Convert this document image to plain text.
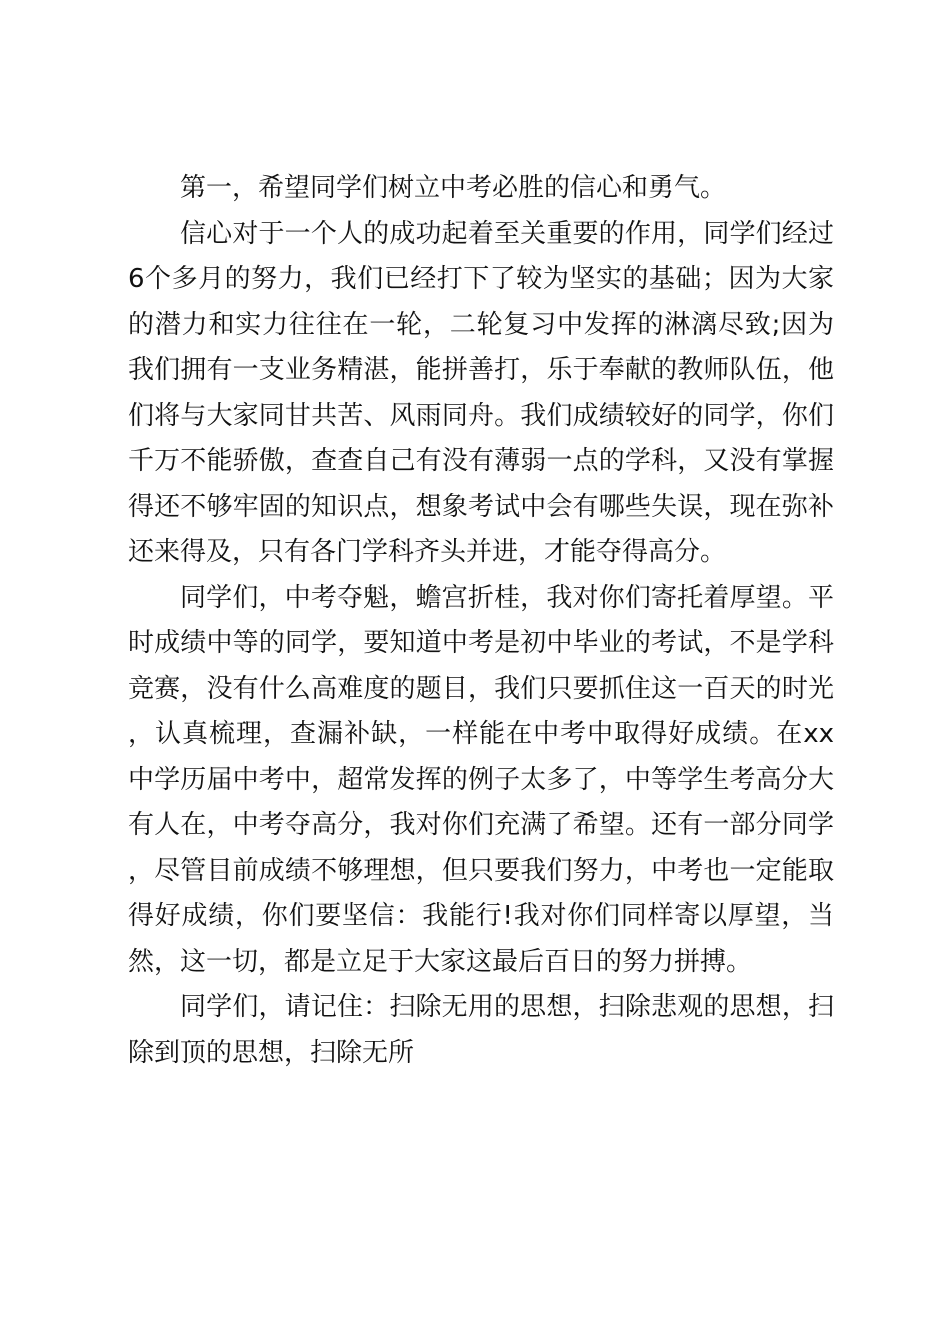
第一，希望同学们树立中考必胜的信心和勇气。

信心对于一个人的成功起着至关重要的作用，同学们经过6个多月的努力，我们已经打下了较为坚实的基础；因为大家的潜力和实力往往在一轮，二轮复习中发挥的淋漓尽致;因为我们拥有一支业务精湛，能拼善打，乐于奉献的教师队伍，他们将与大家同甘共苦、风雨同舟。我们成绩较好的同学，你们千万不能骄傲，查查自己有没有薄弱一点的学科，又没有掌握得还不够牢固的知识点，想象考试中会有哪些失误，现在弥补还来得及，只有各门学科齐头并进，才能夺得高分。

同学们，中考夺魁，蟾宫折桂，我对你们寄托着厚望。平时成绩中等的同学，要知道中考是初中毕业的考试，不是学科竞赛，没有什么高难度的题目，我们只要抓住这一百天的时光，认真梳理，查漏补缺，一样能在中考中取得好成绩。在xx中学历届中考中，超常发挥的例子太多了，中等学生考高分大有人在，中考夺高分，我对你们充满了希望。还有一部分同学，尽管目前成绩不够理想，但只要我们努力，中考也一定能取得好成绩，你们要坚信：我能行!我对你们同样寄以厚望，当然，这一切，都是立足于大家这最后百日的努力拼搏。

同学们，请记住：扫除无用的思想，扫除悲观的思想，扫除到顶的思想，扫除无所
